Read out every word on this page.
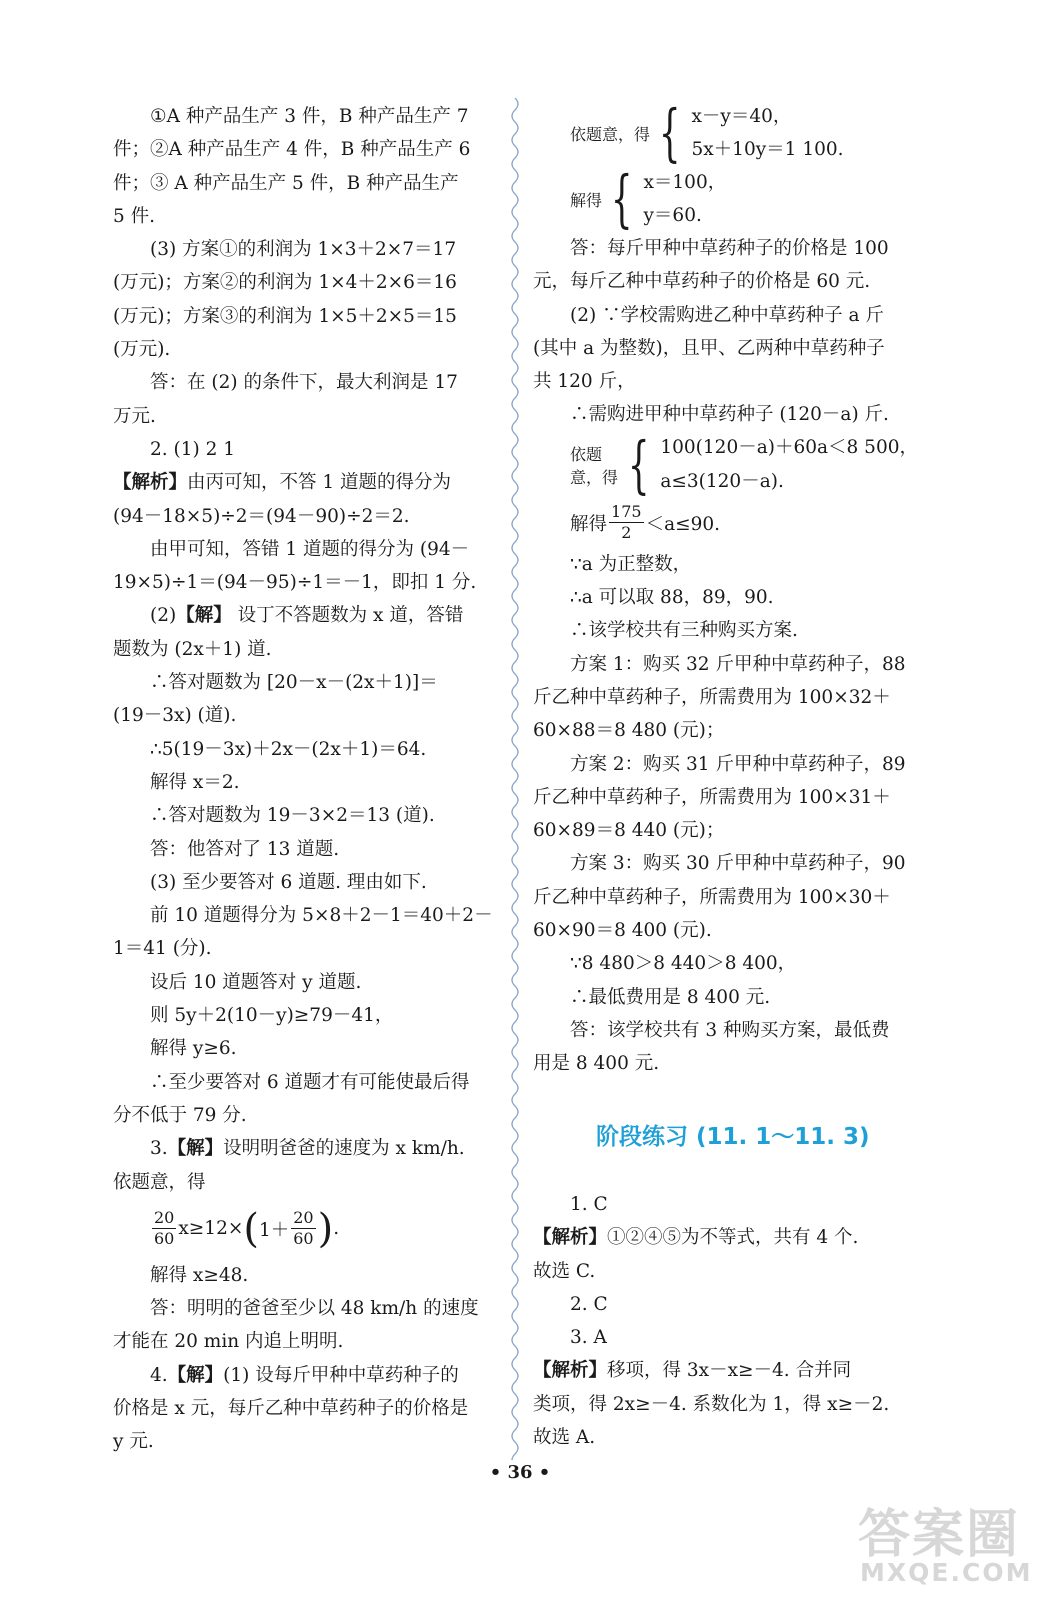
①A 种产品生产 3 件，B 种产品生产 7
件；②A 种产品生产 4 件，B 种产品生产 6
件；③ A 种产品生产 5 件，B 种产品生产
5 件.
(3) 方案①的利润为 1×3＋2×7＝17
(万元)；方案②的利润为 1×4＋2×6＝16
(万元)；方案③的利润为 1×5＋2×5＝15
(万元).
答：在 (2) 的条件下，最大利润是 17
万元.
2. (1) 2 1
【解析】由丙可知，不答 1 道题的得分为
(94－18×5)÷2＝(94－90)÷2＝2.
由甲可知，答错 1 道题的得分为 (94－
19×5)÷1＝(94－95)÷1＝－1，即扣 1 分.
(2)【解】 设丁不答题数为 x 道，答错
题数为 (2x＋1) 道.
∴答对题数为 [20－x－(2x＋1)]＝
(19－3x) (道).
∴5(19－3x)＋2x－(2x＋1)＝64.
解得 x＝2.
∴答对题数为 19－3×2＝13 (道).
答：他答对了 13 道题.
(3) 至少要答对 6 道题. 理由如下.
前 10 道题得分为 5×8＋2－1＝40＋2－
1＝41 (分).
设后 10 道题答对 y 道题.
则 5y＋2(10－y)≥79－41，
解得 y≥6.
∴至少要答对 6 道题才有可能使最后得
分不低于 79 分.
3.【解】设明明爸爸的速度为 x km/h.
依题意，得
$\frac{20}{60} x\ge 12\times$ ( $1+ \frac{20}{60}$ ) .
解得 x≥48.
答：明明的爸爸至少以 48 km/h 的速度
才能在 20 min 内追上明明.
4.【解】(1) 设每斤甲种中草药种子的
价格是 x 元，每斤乙种中草药种子的价格是
y 元.
依题意，得 { x－y＝40，
5x＋10y＝1 100.
解得 { x＝100，
y＝60.
答：每斤甲种中草药种子的价格是 100
元，每斤乙种中草药种子的价格是 60 元.
(2) ∵学校需购进乙种中草药种子 a 斤
(其中 a 为整数)，且甲、乙两种中草药种子
共 120 斤，
∴需购进甲种中草药种子 (120－a) 斤.
依题意，得 { 100(120－a)＋60a＜8 500，
a≤3(120－a).
解得 $\frac{175}{2} <a\le 90$.
∵a 为正整数，
∴a 可以取 88，89，90.
∴该学校共有三种购买方案.
方案 1：购买 32 斤甲种中草药种子，88
斤乙种中草药种子，所需费用为 100×32＋
60×88＝8 480 (元)；
方案 2：购买 31 斤甲种中草药种子，89
斤乙种中草药种子，所需费用为 100×31＋
60×89＝8 440 (元)；
方案 3：购买 30 斤甲种中草药种子，90
斤乙种中草药种子，所需费用为 100×30＋
60×90＝8 400 (元).
∵8 480＞8 440＞8 400，
∴最低费用是 8 400 元.
答：该学校共有 3 种购买方案，最低费
用是 8 400 元.
阶段练习 (11. 1～11. 3)
1. C
【解析】①②④⑤为不等式，共有 4 个.
故选 C.
2. C
3. A
【解析】移项，得 3x－x≥－4. 合并同
类项，得 2x≥－4. 系数化为 1，得 x≥－2.
故选 A.
• 36 •
答案圈
MXQE.COM
